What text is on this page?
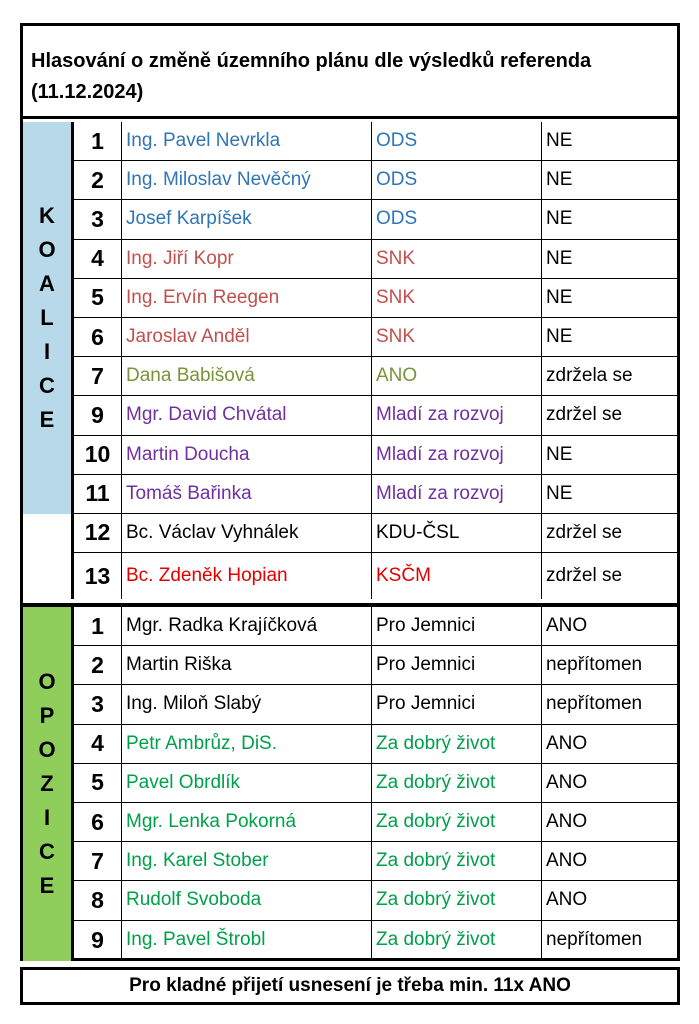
Hlasování o změně územního plánu dle výsledků referenda (11.12.2024)
K
O
A
L
I
C
E
1	Ing. Pavel Nevrkla	ODS	NE
2	Ing. Miloslav Nevěčný	ODS	NE
3	Josef Karpíšek	ODS	NE
4	Ing. Jiří Kopr	SNK	NE
5	Ing. Ervín Reegen	SNK	NE
6	Jaroslav Anděl	SNK	NE
7	Dana Babišová	ANO	zdržela se
9	Mgr. David Chvátal	Mladí za rozvoj	zdržel se
10 Martin Doucha	Mladí za rozvoj	NE
11 Tomáš Bařinka	Mladí za rozvoj	NE
12 Bc. Václav Vyhnálek	KDU-ČSL	zdržel se
13 Bc. Zdeněk Hopian	KSČM	zdržel se
O
P
O
Z
I
C
E
1	Mgr. Radka Krajíčková	Pro Jemnici	ANO
2	Martin Riška	Pro Jemnici	nepřítomen
3	Ing. Miloň Slabý	Pro Jemnici	nepřítomen
4	Petr Ambrůz, DiS.	Za dobrý život	ANO
5	Pavel Obrdlík	Za dobrý život	ANO
6	Mgr. Lenka Pokorná	Za dobrý život	ANO
7	Ing. Karel Stober	Za dobrý život	ANO
8	Rudolf Svoboda	Za dobrý život	ANO
9	Ing. Pavel Štrobl	Za dobrý život	nepřítomen
Pro kladné přijetí usnesení je třeba min. 11x ANO
